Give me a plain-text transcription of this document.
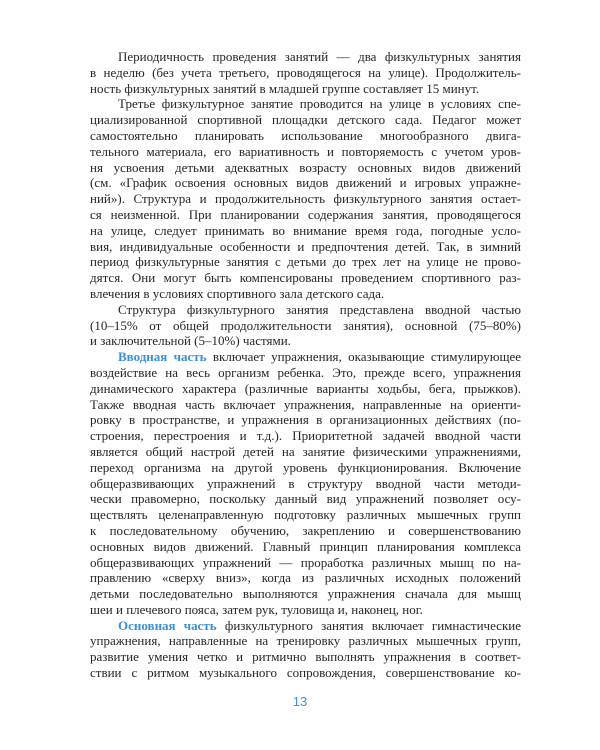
Периодичность проведения занятий — два физкультурных занятия
в неделю (без учета третьего, проводящегося на улице). Продолжитель-
ность физкультурных занятий в младшей группе составляет 15 минут.
Третье физкультурное занятие проводится на улице в условиях спе-
циализированной спортивной площадки детского сада. Педагог может
самостоятельно планировать использование многообразного двига-
тельного материала, его вариативность и повторяемость с учетом уров-
ня усвоения детьми адекватных возрасту основных видов движений
(см. «График освоения основных видов движений и игровых упражне-
ний»). Структура и продолжительность физкультурного занятия остает-
ся неизменной. При планировании содержания занятия, проводящегося
на улице, следует принимать во внимание время года, погодные усло-
вия, индивидуальные особенности и предпочтения детей. Так, в зимний
период физкультурные занятия с детьми до трех лет на улице не прово-
дятся. Они могут быть компенсированы проведением спортивного раз-
влечения в условиях спортивного зала детского сада.
Структура физкультурного занятия представлена вводной частью
(10–15% от общей продолжительности занятия), основной (75–80%)
и заключительной (5–10%) частями.
Вводная часть включает упражнения, оказывающие стимулирующее
воздействие на весь организм ребенка. Это, прежде всего, упражнения
динамического характера (различные варианты ходьбы, бега, прыжков).
Также вводная часть включает упражнения, направленные на ориенти-
ровку в пространстве, и упражнения в организационных действиях (по-
строения, перестроения и т.д.). Приоритетной задачей вводной части
является общий настрой детей на занятие физическими упражнениями,
переход организма на другой уровень функционирования. Включение
общеразвивающих упражнений в структуру вводной части методи-
чески правомерно, поскольку данный вид упражнений позволяет осу-
ществлять целенаправленную подготовку различных мышечных групп
к последовательному обучению, закреплению и совершенствованию
основных видов движений. Главный принцип планирования комплекса
общеразвивающих упражнений — проработка различных мышц по на-
правлению «сверху вниз», когда из различных исходных положений
детьми последовательно выполняются упражнения сначала для мышц
шеи и плечевого пояса, затем рук, туловища и, наконец, ног.
Основная часть физкультурного занятия включает гимнастические
упражнения, направленные на тренировку различных мышечных групп,
развитие умения четко и ритмично выполнять упражнения в соответ-
ствии с ритмом музыкального сопровождения, совершенствование ко-
13
